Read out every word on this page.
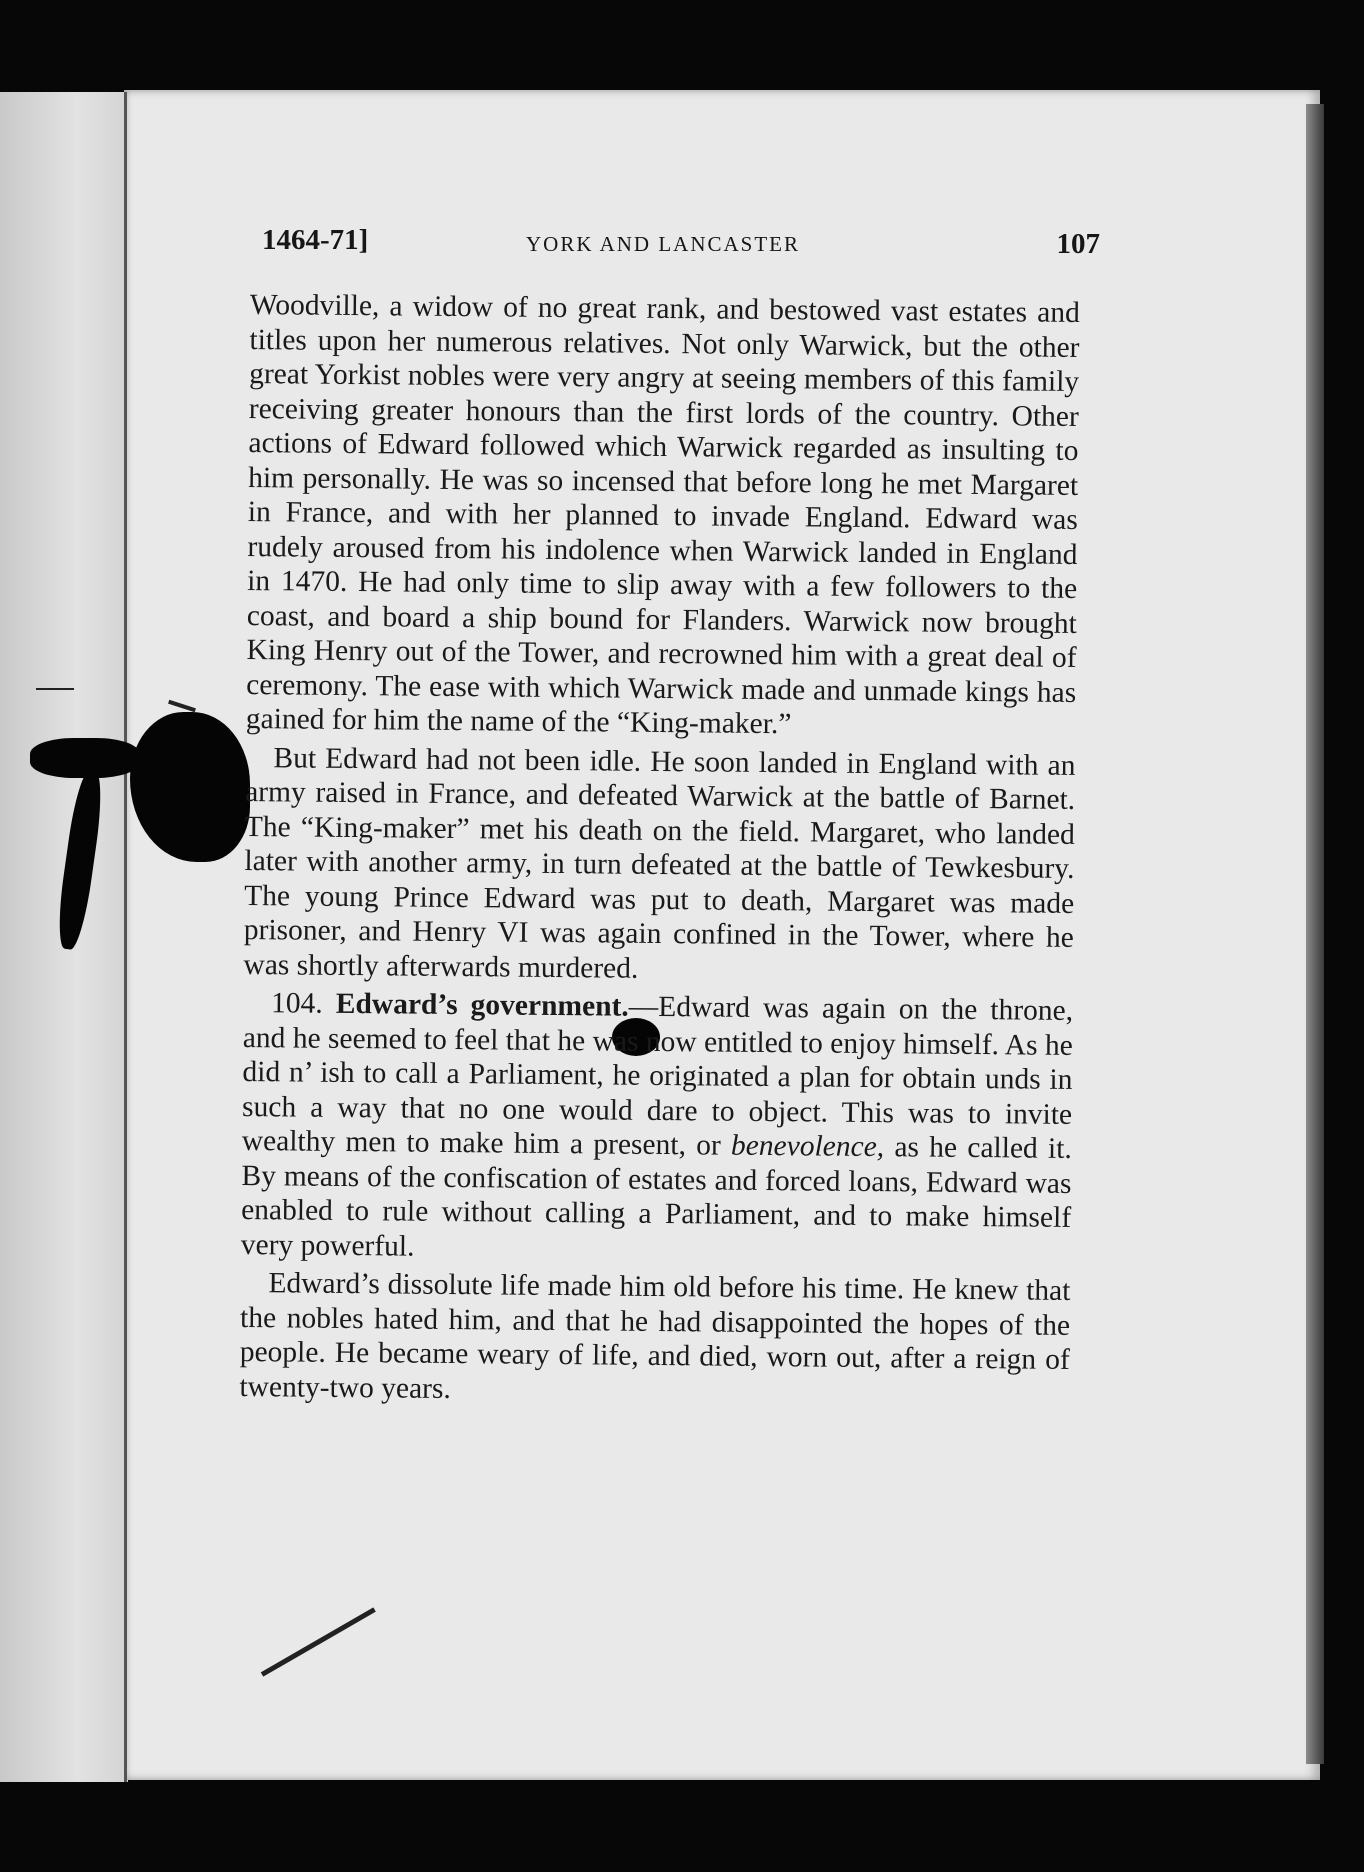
1464-71]	YORK AND LANCASTER	107

Woodville, a widow of no great rank, and bestowed vast estates and titles upon her numerous relatives. Not only Warwick, but the other great Yorkist nobles were very angry at seeing members of this family receiving greater honours than the first lords of the country. Other actions of Edward followed which Warwick regarded as insulting to him personally. He was so incensed that before long he met Margaret in France, and with her planned to invade England. Edward was rudely aroused from his indolence when Warwick landed in England in 1470. He had only time to slip away with a few followers to the coast, and board a ship bound for Flanders. Warwick now brought King Henry out of the Tower, and recrowned him with a great deal of ceremony. The ease with which Warwick made and unmade kings has gained for him the name of the “King-maker.”

But Edward had not been idle. He soon landed in England with an army raised in France, and defeated Warwick at the battle of Barnet. The “King-maker” met his death on the field. Margaret, who landed later with another army, in turn defeated at the battle of Tewkesbury. The young Prince Edward was put to death, Margaret was made prisoner, and Henry VI was again confined in the Tower, where he was shortly afterwards murdered.

104. Edward’s government.—Edward was again on the throne, and he seemed to feel that he was now entitled to enjoy himself. As he did n’ ish to call a Parliament, he originated a plan for obtain unds in such a way that no one would dare to object. This was to invite wealthy men to make him a present, or benevolence, as he called it. By means of the confiscation of estates and forced loans, Edward was enabled to rule without calling a Parliament, and to make himself very powerful.

Edward’s dissolute life made him old before his time. He knew that the nobles hated him, and that he had disappointed the hopes of the people. He became weary of life, and died, worn out, after a reign of twenty-two years.
